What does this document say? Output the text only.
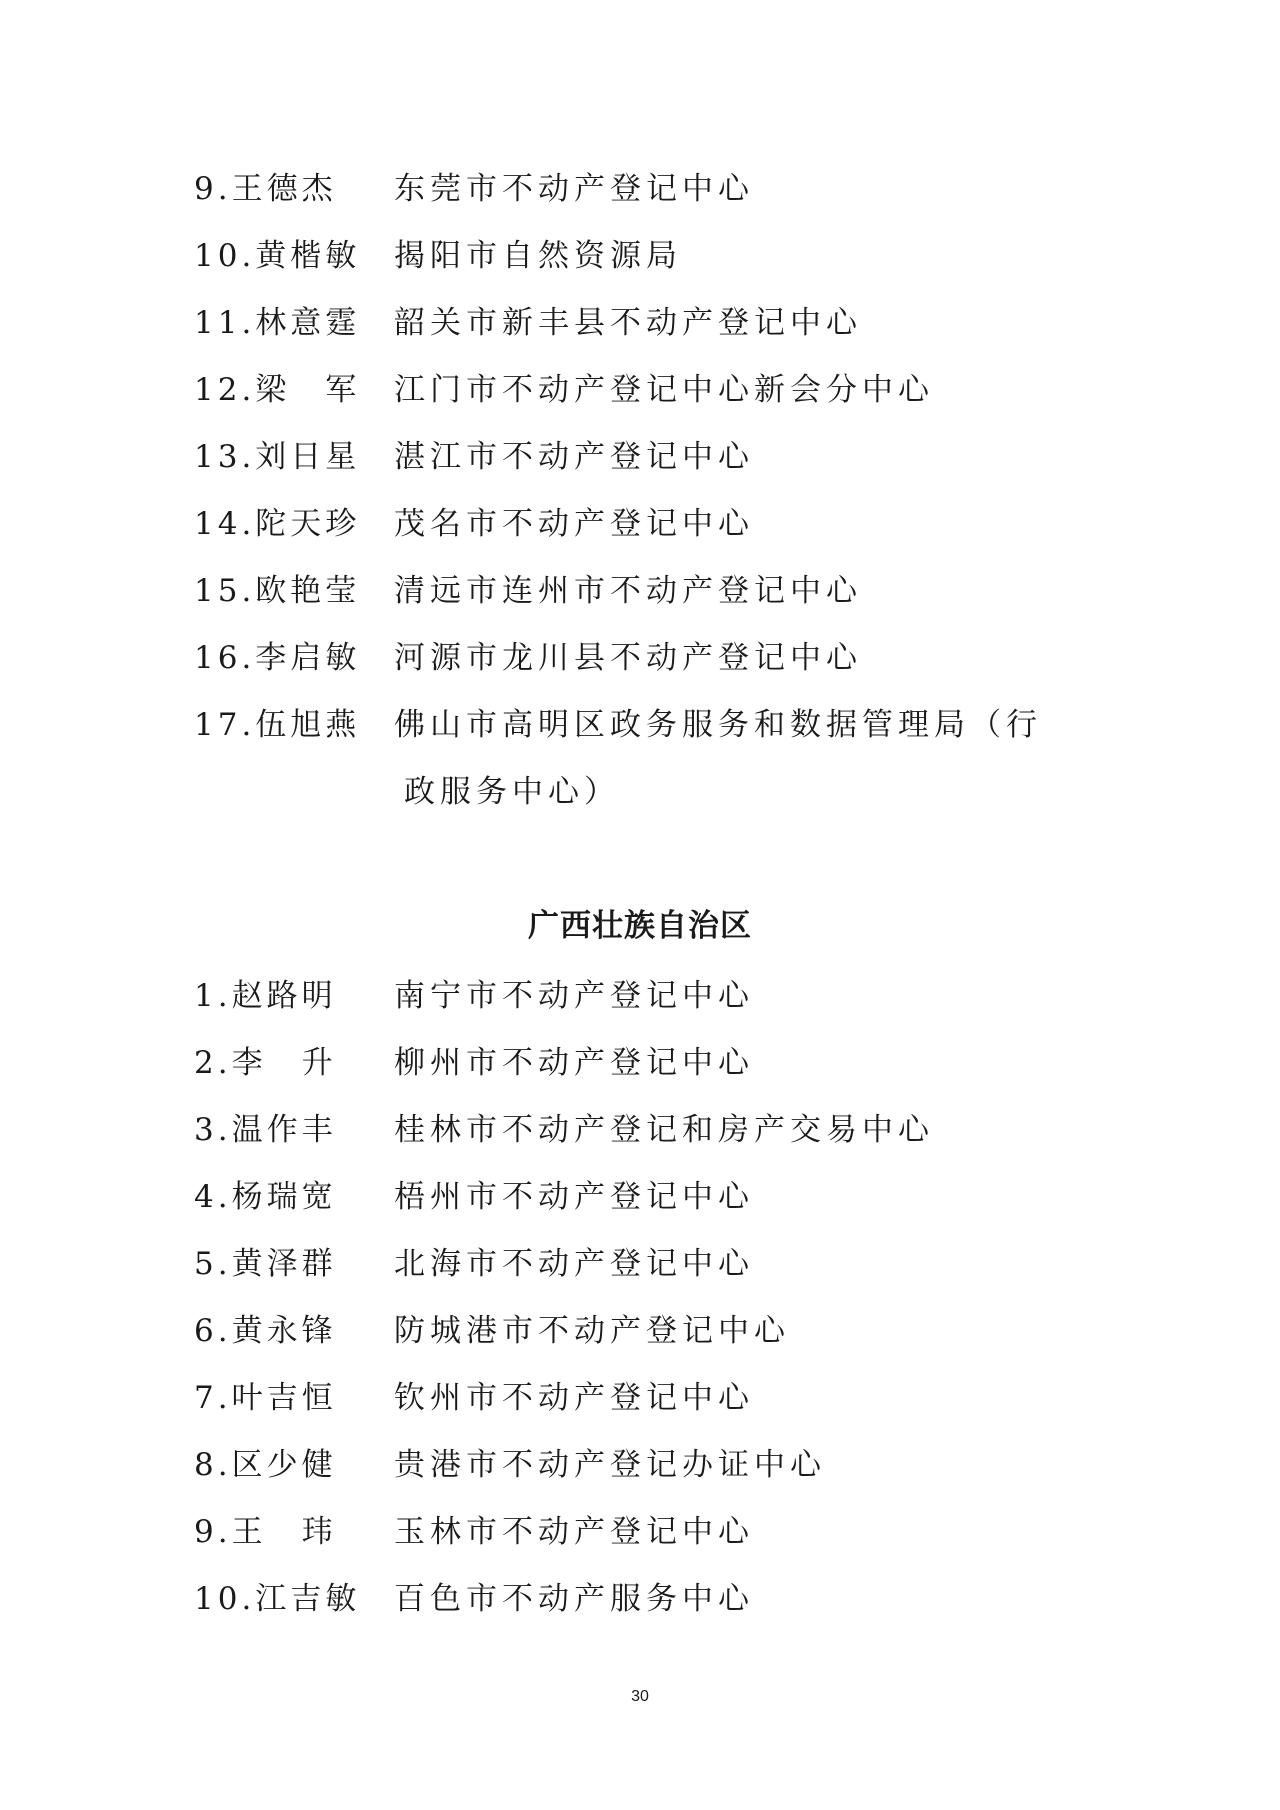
9.王德杰 东莞市不动产登记中心
10.黄楷敏 揭阳市自然资源局
11.林意霆 韶关市新丰县不动产登记中心
12.梁　军 江门市不动产登记中心新会分中心
13.刘日星 湛江市不动产登记中心
14.陀天珍 茂名市不动产登记中心
15.欧艳莹 清远市连州市不动产登记中心
16.李启敏 河源市龙川县不动产登记中心
17.伍旭燕 佛山市高明区政务服务和数据管理局（行
政服务中心）
广西壮族自治区
1.赵路明 南宁市不动产登记中心
2.李　升 柳州市不动产登记中心
3.温作丰 桂林市不动产登记和房产交易中心
4.杨瑞宽 梧州市不动产登记中心
5.黄泽群 北海市不动产登记中心
6.黄永锋 防城港市不动产登记中心
7.叶吉恒 钦州市不动产登记中心
8.区少健 贵港市不动产登记办证中心
9.王　玮 玉林市不动产登记中心
10.江吉敏 百色市不动产服务中心
30
